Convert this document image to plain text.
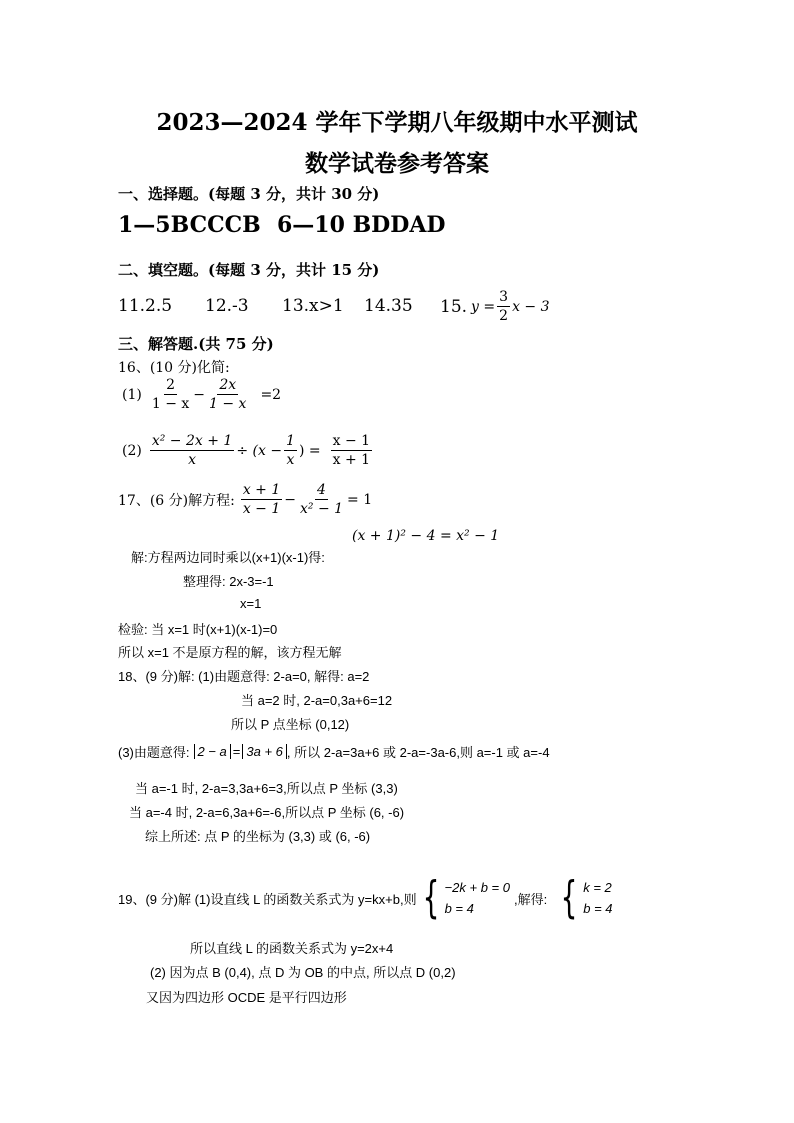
2023—2024 学年下学期八年级期中水平测试
数学试卷参考答案
一、选择题。(每题 3 分，共计 30 分)
1—5BCCCB 6—10 BDDAD
二、填空题。(每题 3 分，共计 15 分)
11.2.5 12.-3 13.x>1 14.35 15. $y = \frac{3}{2}$ x − 3
三、解答题.(共 75 分)
16、(10 分)化简:
$(1) \frac{2}{1 - x} - \frac{2x}{1 - x} =2$
$(2) \frac{\text{x² − 2x + 1}}{x} \div (x - \frac{1}{x}$ ) = $\frac{x - 1}{x + 1}$
17、(6 分)解方程: $\frac{x + 1}{x - 1} - \frac{4}{\text{x² − 1}} = 1$
(x + 1)² − 4 = x² − 1
解:方程两边同时乘以(x+1)(x-1)得:
整理得: 2x-3=-1
x=1
检验: 当 x=1 时(x+1)(x-1)=0
所以 x=1 不是原方程的解，该方程无解
18、(9 分)解: (1)由题意得: 2-a=0, 解得: a=2
当 a=2 时, 2-a=0,3a+6=12
所以 P 点坐标 (0,12)
(3)由题意得: 2 − a = 3a + 6 , 所以 2-a=3a+6 或 2-a=-3a-6,则 a=-1 或 a=-4
当 a=-1 时, 2-a=3,3a+6=3,所以点 P 坐标 (3,3)
当 a=-4 时, 2-a=6,3a+6=-6,所以点 P 坐标 (6, -6)
综上所述: 点 P 的坐标为 (3,3) 或 (6, -6)
19、(9 分)解 (1)设直线 L 的函数关系式为 y=kx+b,则 { −2k + b = 0
b = 4
,解得: { k = 2
b = 4
所以直线 L 的函数关系式为 y=2x+4
(2) 因为点 B (0,4), 点 D 为 OB 的中点, 所以点 D (0,2)
又因为四边形 OCDE 是平行四边形
